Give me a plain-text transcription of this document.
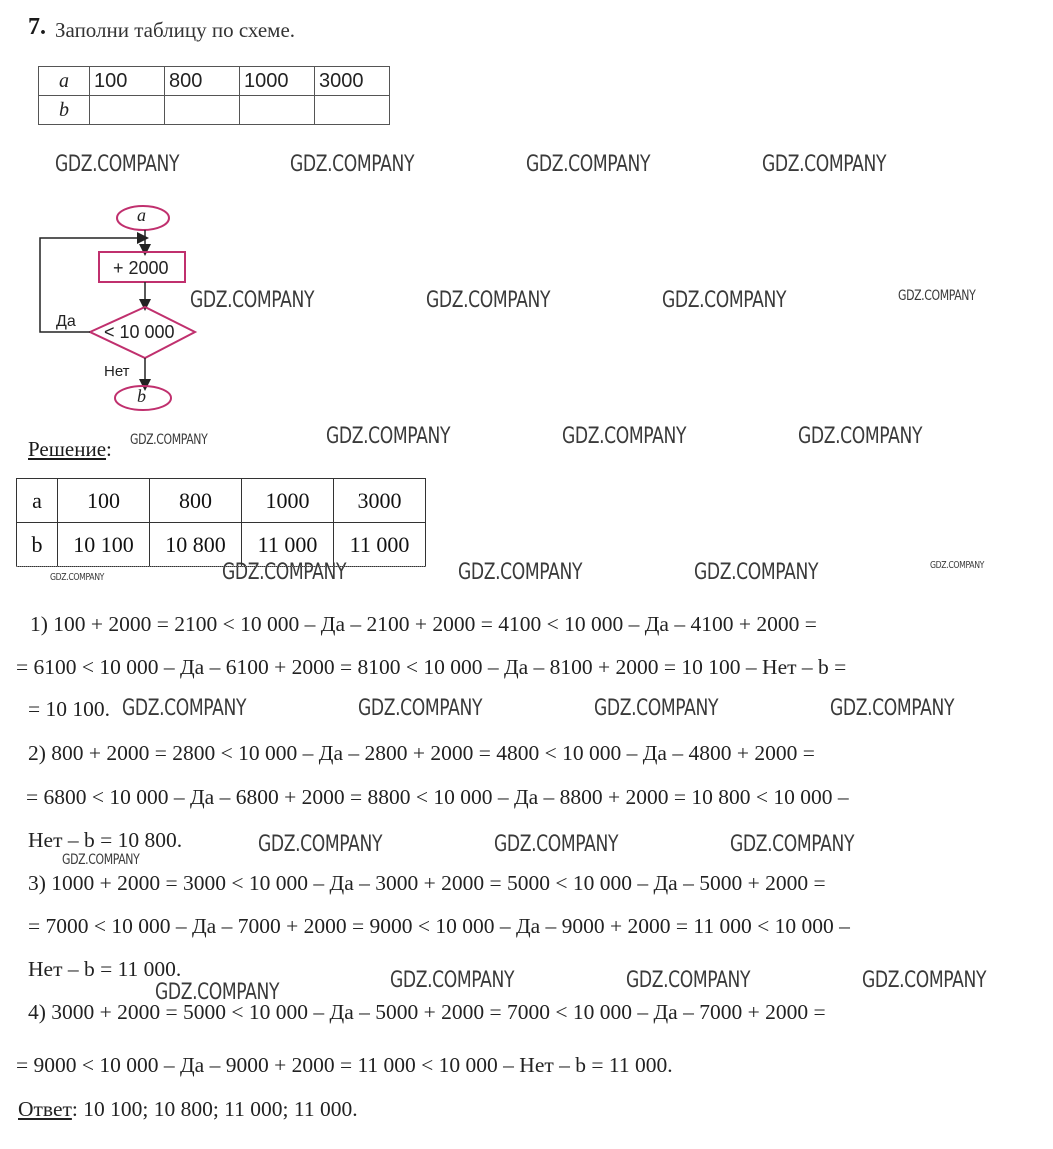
7. Заполни таблицу по схеме.
a	100	800	1000	3000
b				
a
+ 2000
< 10 000
Да
Нет
b
GDZ.COMPANY	GDZ.COMPANY	GDZ.COMPANY	GDZ.COMPANY
GDZ.COMPANY	GDZ.COMPANY	GDZ.COMPANY	GDZ.COMPANY
GDZ.COMPANY	GDZ.COMPANY	GDZ.COMPANY	GDZ.COMPANY
GDZ.COMPANY	GDZ.COMPANY	GDZ.COMPANY	GDZ.COMPANY	GDZ.COMPANY
GDZ.COMPANY	GDZ.COMPANY	GDZ.COMPANY	GDZ.COMPANY
GDZ.COMPANY	GDZ.COMPANY	GDZ.COMPANY
GDZ.COMPANY
GDZ.COMPANY	GDZ.COMPANY	GDZ.COMPANY	GDZ.COMPANY
Решение:
a	100	800	1000	3000
b	10 100	10 800	11 000	11 000
1) 100 + 2000 = 2100 < 10 000 – Да – 2100 + 2000 = 4100 < 10 000 – Да – 4100 + 2000 =
= 6100 < 10 000 – Да – 6100 + 2000 = 8100 < 10 000 – Да – 8100 + 2000 = 10 100 – Нет – b =
= 10 100.
2) 800 + 2000 = 2800 < 10 000 – Да – 2800 + 2000 = 4800 < 10 000 – Да – 4800 + 2000 =
= 6800 < 10 000 – Да – 6800 + 2000 = 8800 < 10 000 – Да – 8800 + 2000 = 10 800 < 10 000 –
Нет – b = 10 800.
3) 1000 + 2000 = 3000 < 10 000 – Да – 3000 + 2000 = 5000 < 10 000 – Да – 5000 + 2000 =
= 7000 < 10 000 – Да – 7000 + 2000 = 9000 < 10 000 – Да – 9000 + 2000 = 11 000 < 10 000 –
Нет – b = 11 000.
4) 3000 + 2000 = 5000 < 10 000 – Да – 5000 + 2000 = 7000 < 10 000 – Да – 7000 + 2000 =
= 9000 < 10 000 – Да – 9000 + 2000 = 11 000 < 10 000 – Нет – b = 11 000.
Ответ: 10 100; 10 800; 11 000; 11 000.
